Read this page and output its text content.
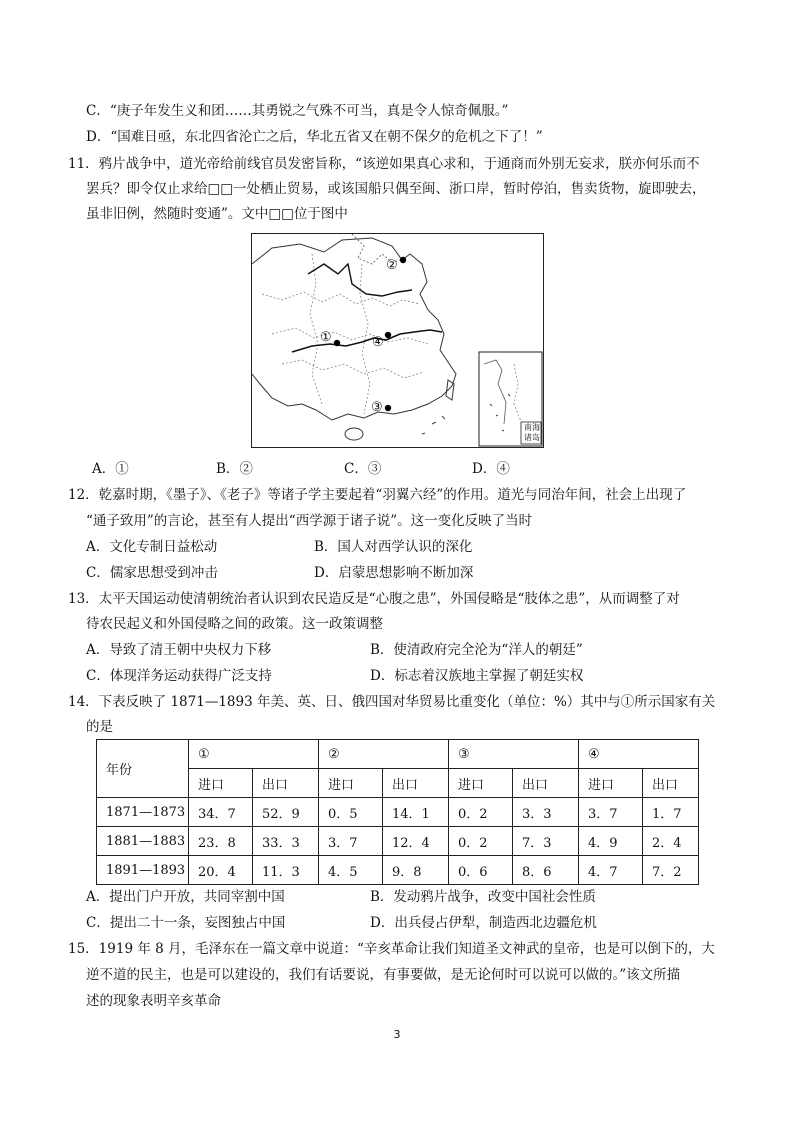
C．“庚子年发生义和团……其勇锐之气殊不可当，真是令人惊奇佩服。”
D．“国难日亟，东北四省沦亡之后，华北五省又在朝不保夕的危机之下了！”
11．鸦片战争中，道光帝给前线官员发密旨称，“该逆如果真心求和，于通商而外别无妄求，朕亦何乐而不
罢兵？即令仅止求给□□一处栖止贸易，或该国船只偶至闽、浙口岸，暂时停泊，售卖货物，旋即驶去，
虽非旧例，然随时变通”。文中□□位于图中
①
②
③
④
南海诸岛
A．①	B．②	C．③	D．④
12．乾嘉时期，《墨子》、《老子》等诸子学主要起着“羽翼六经”的作用。道光与同治年间，社会上出现了
“通子致用”的言论，甚至有人提出“西学源于诸子说”。这一变化反映了当时
A．文化专制日益松动	B．国人对西学认识的深化
C．儒家思想受到冲击	D．启蒙思想影响不断加深
13．太平天国运动使清朝统治者认识到农民造反是“心腹之患”，外国侵略是“肢体之患”，从而调整了对
待农民起义和外国侵略之间的政策。这一政策调整
A．导致了清王朝中央权力下移	B．使清政府完全沦为“洋人的朝廷”
C．体现洋务运动获得广泛支持	D．标志着汉族地主掌握了朝廷实权
14．下表反映了 1871—1893 年美、英、日、俄四国对华贸易比重变化（单位：%）其中与①所示国家有关
的是
年份	①		②		③		④	
	进口	出口	进口	出口	进口	出口	进口	出口
1871—1873	34．7	52．9	0．5	14．1	0．2	3．3	3．7	1．7
1881—1883	23．8	33．3	3．7	12．4	0．2	7．3	4．9	2．4
1891—1893	20．4	11．3	4．5	9．8	0．6	8．6	4．7	7．2
A．提出门户开放，共同宰割中国	B．发动鸦片战争，改变中国社会性质
C．提出二十一条，妄图独占中国	D．出兵侵占伊犁，制造西北边疆危机
15．1919 年 8 月，毛泽东在一篇文章中说道：“辛亥革命让我们知道圣文神武的皇帝，也是可以倒下的，大
逆不道的民主，也是可以建设的，我们有话要说，有事要做，是无论何时可以说可以做的。”该文所描
述的现象表明辛亥革命
3
